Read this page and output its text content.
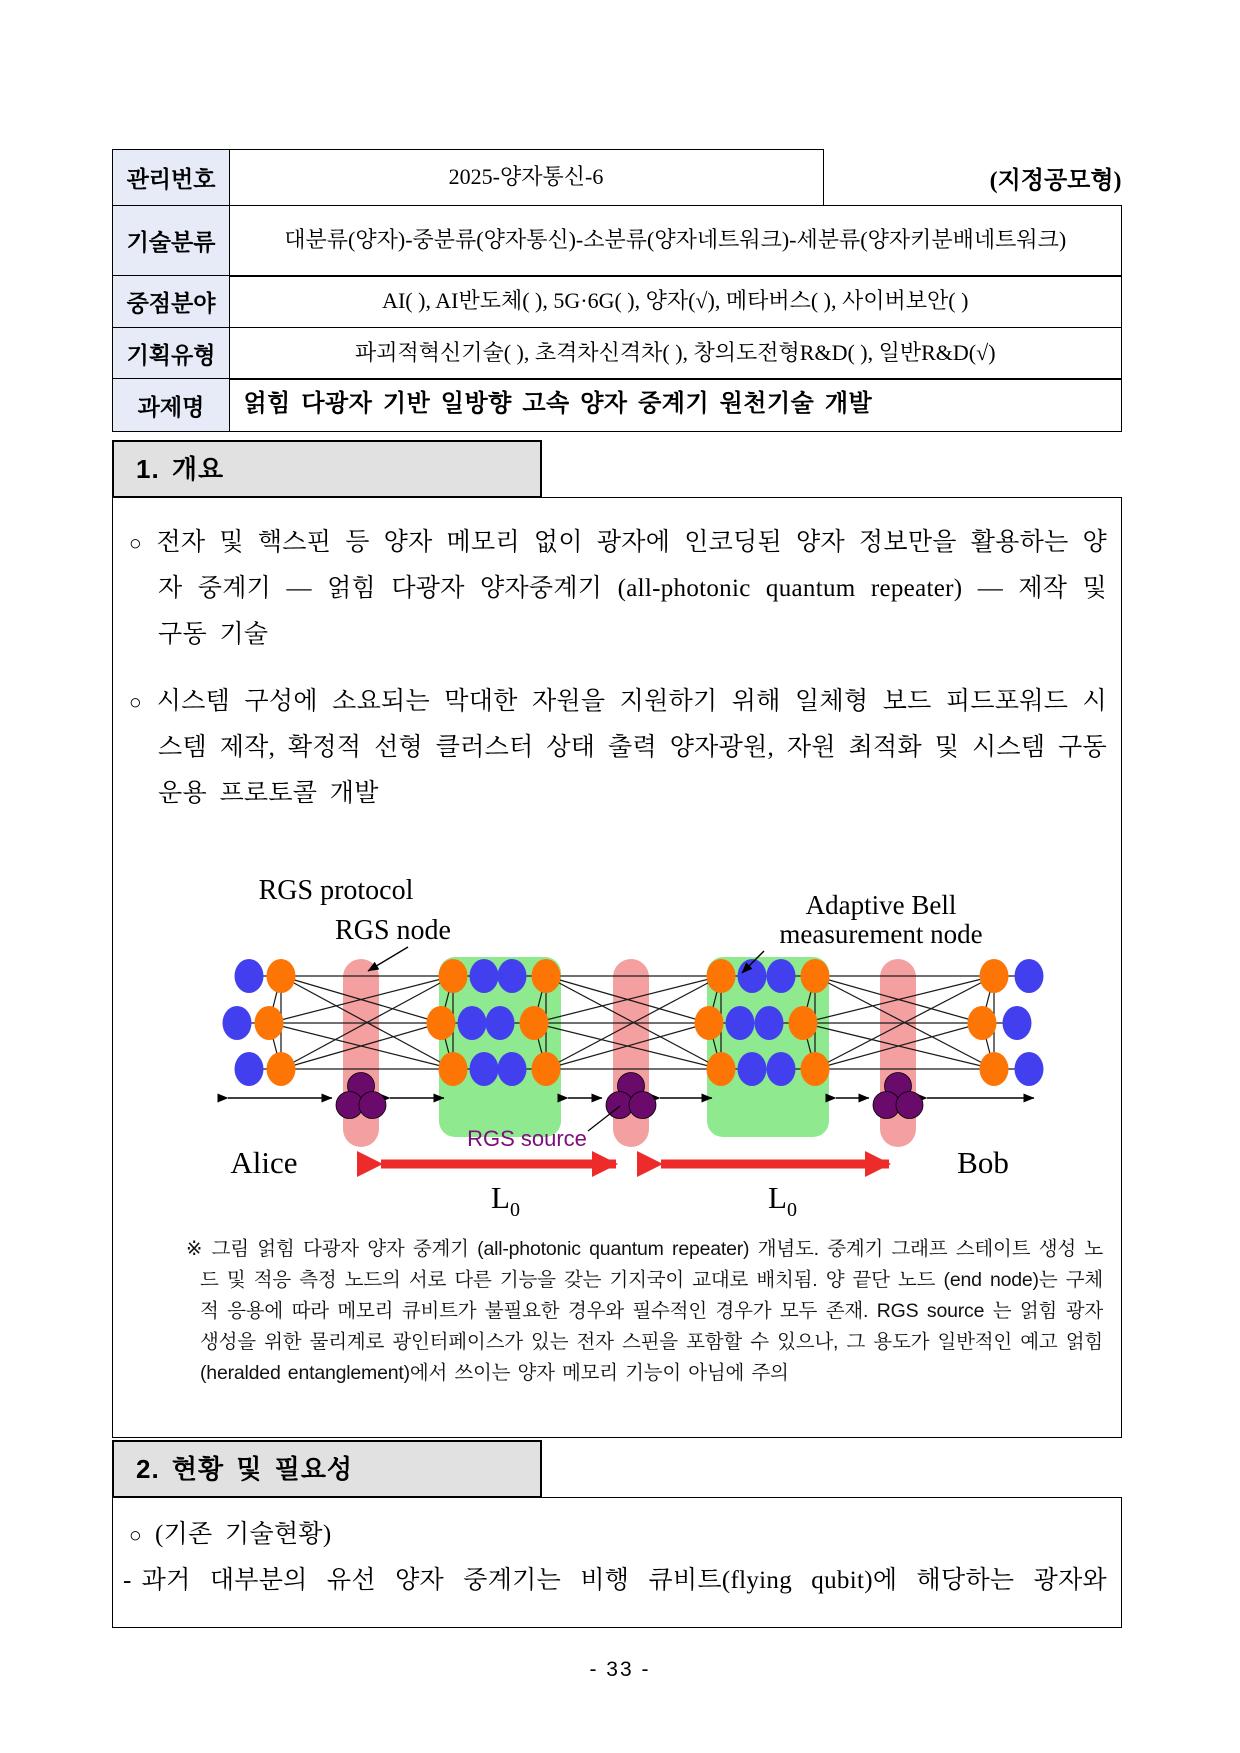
관리번호	2025-양자통신-6	(지정공모형)
기술분류	대분류(양자)-중분류(양자통신)-소분류(양자네트워크)-세분류(양자키분배네트워크)
중점분야	AI( ), AI반도체( ), 5G·6G( ), 양자(√), 메타버스( ), 사이버보안( )
기획유형	파괴적혁신기술( ), 초격차신격차( ), 창의도전형R&D( ), 일반R&D(√)
과제명	얽힘 다광자 기반 일방향 고속 양자 중계기 원천기술 개발
1. 개요

○ 전자 및 핵스핀 등 양자 메모리 없이 광자에 인코딩된 양자 정보만을 활용하는 양자 중계기 — 얽힘 다광자 양자중계기 (all-photonic quantum repeater) — 제작 및 구동 기술

○ 시스템 구성에 소요되는 막대한 자원을 지원하기 위해 일체형 보드 피드포워드 시스템 제작, 확정적 선형 클러스터 상태 출력 양자광원, 자원 최적화 및 시스템 구동 운용 프로토콜 개발

RGS protocol
RGS node
Adaptive Bell
measurement node
RGS source
Alice	Bob
$L_0$	$L_0$

※ 그림 얽힘 다광자 양자 중계기 (all-photonic quantum repeater) 개념도. 중계기 그래프 스테이트 생성 노드 및 적응 측정 노드의 서로 다른 기능을 갖는 기지국이 교대로 배치됨. 양 끝단 노드 (end node)는 구체적 응용에 따라 메모리 큐비트가 불필요한 경우와 필수적인 경우가 모두 존재. RGS source 는 얽힘 광자 생성을 위한 물리계로 광인터페이스가 있는 전자 스핀을 포함할 수 있으나, 그 용도가 일반적인 예고 얽힘 (heralded entanglement)에서 쓰이는 양자 메모리 기능이 아님에 주의

2. 현황 및 필요성

○ (기존 기술현황)

- 과거 대부분의 유선 양자 중계기는 비행 큐비트(flying qubit)에 해당하는 광자와

- 33 -
